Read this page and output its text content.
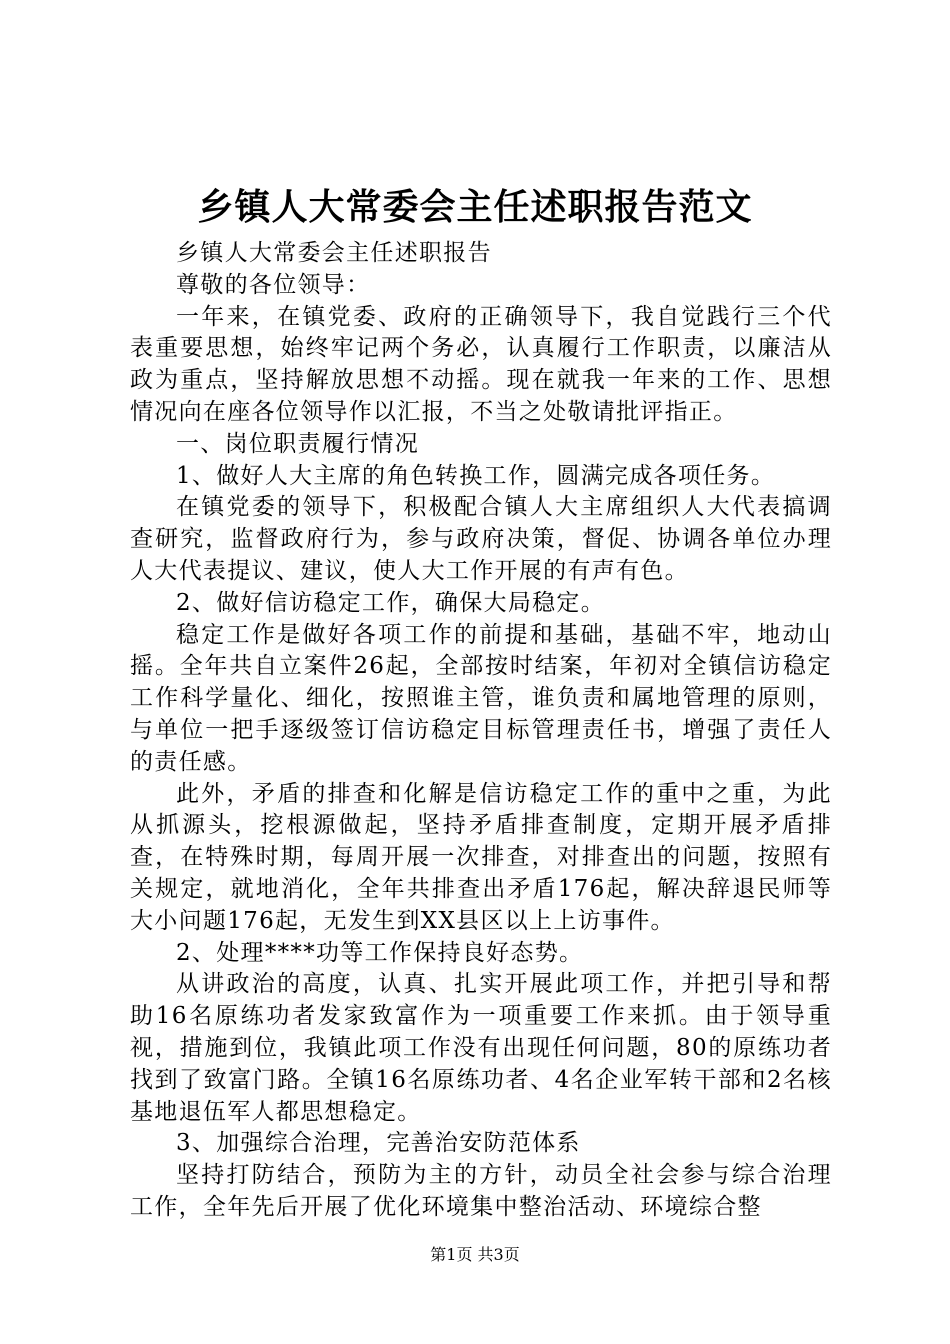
乡镇人大常委会主任述职报告范文

乡镇人大常委会主任述职报告

尊敬的各位领导：

一年来，在镇党委、政府的正确领导下，我自觉践行三个代表重要思想，始终牢记两个务必，认真履行工作职责，以廉洁从政为重点，坚持解放思想不动摇。现在就我一年来的工作、思想情况向在座各位领导作以汇报，不当之处敬请批评指正。

一、岗位职责履行情况

1、做好人大主席的角色转换工作，圆满完成各项任务。

在镇党委的领导下，积极配合镇人大主席组织人大代表搞调查研究，监督政府行为，参与政府决策，督促、协调各单位办理人大代表提议、建议，使人大工作开展的有声有色。

2、做好信访稳定工作，确保大局稳定。

稳定工作是做好各项工作的前提和基础，基础不牢，地动山摇。全年共自立案件26起，全部按时结案，年初对全镇信访稳定工作科学量化、细化，按照谁主管，谁负责和属地管理的原则，与单位一把手逐级签订信访稳定目标管理责任书，增强了责任人的责任感。

此外，矛盾的排查和化解是信访稳定工作的重中之重，为此从抓源头，挖根源做起，坚持矛盾排查制度，定期开展矛盾排查，在特殊时期，每周开展一次排查，对排查出的问题，按照有关规定，就地消化，全年共排查出矛盾176起，解决辞退民师等大小问题176起，无发生到XX县区以上上访事件。

2、处理****功等工作保持良好态势。

从讲政治的高度，认真、扎实开展此项工作，并把引导和帮助16名原练功者发家致富作为一项重要工作来抓。由于领导重视，措施到位，我镇此项工作没有出现任何问题，80的原练功者找到了致富门路。全镇16名原练功者、4名企业军转干部和2名核基地退伍军人都思想稳定。

3、加强综合治理，完善治安防范体系

坚持打防结合，预防为主的方针，动员全社会参与综合治理工作，全年先后开展了优化环境集中整治活动、环境综合整

第1页 共3页
